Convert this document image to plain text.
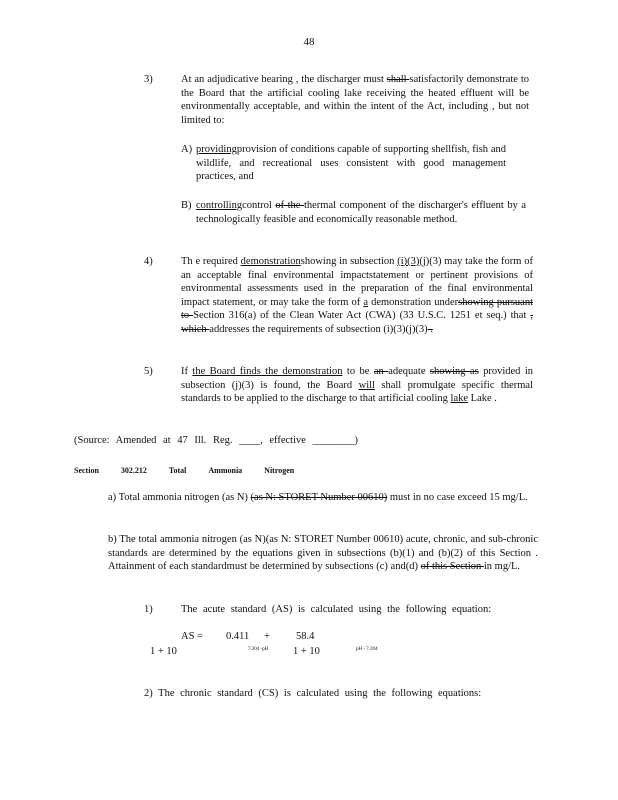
48
3)	At an adjudicative hearing , the discharger must shall satisfactorily demonstrate to the Board that the artificial cooling lake receiving the heated effluent will be environmentally acceptable, and within the intent of the Act, including , but not limited to:
A) providingprovision of conditions capable of supporting shellfish, fish and wildlife, and recreational uses consistent with good management practices, and
B) controllingcontrol of the thermal component of the discharger's effluent by a technologically feasible and economically reasonable method.
4)	Th e required demonstrationshowing in subsection (i)(3)(j)(3) may take the form of an acceptable final environmental impactstatement or pertinent provisions of environmental assessments used in the preparation of the final environmental impact statement, or may take the form of a demonstration undershowing pursuant to Section 316(a) of the Clean Water Act (CWA) (33 U.S.C. 1251 et seq.) that , which addresses the requirements of subsection (i)(3)(j)(3) .
5)	If the Board finds the demonstration to be an adequate showing as provided in subsection (j)(3) is found, the Board will shall promulgate specific thermal standards to be applied to the discharge to that artificial cooling lake Lake .
(Source: Amended at 47 Ill. Reg. ____, effective ________)
Section	302.212	Total	Ammonia	Nitrogen
a) Total ammonia nitrogen (as N) (as N: STORET Number 00610) must in no case exceed 15 mg/L.
b) The total ammonia nitrogen (as N)(as N: STORET Number 00610) acute, chronic, and sub-chronic standards are determined by the equations given in subsections (b)(1) and (b)(2) of this Section . Attainment of each standardmust be determined by subsections (c) and(d) of this Section in mg/L.
1)	The acute standard (AS) is calculated using the following equation:
AS = 0.411 + 58.4
1 + 10	7.204 -pH 1 + 10	pH - 7.204
2) The chronic standard (CS) is calculated using the following equations:
